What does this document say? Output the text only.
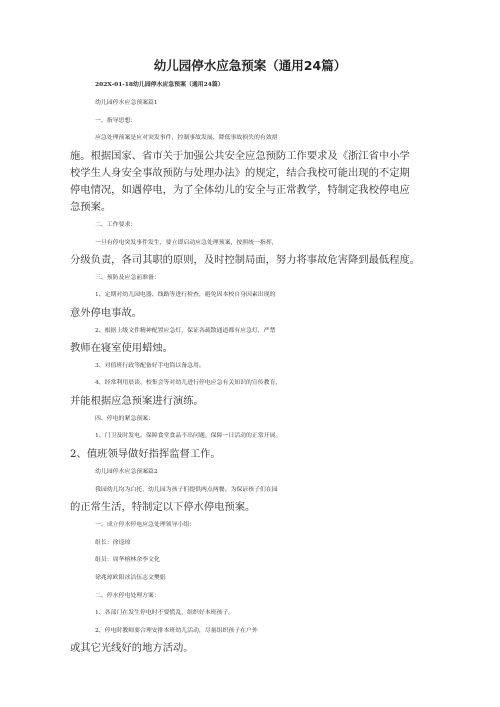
幼儿园停水应急预案（通用24篇）
202X-01-18幼儿园停水应急预案（通用24篇）
幼儿园停水应急预案篇1
一、指导思想：
应急处理预案是应对突发事件，控制事故发展，降低事故损失的有效措
施。根据国家、省市关于加强公共安全应急预防工作要求及《浙江省中小学
校学生人身安全事故预防与处理办法》的规定，结合我校可能出现的不定期
停电情况，如遇停电，为了全体幼儿的安全与正常教学，特制定我校停电应
急预案。
二、工作要求：
一旦有停电突发事件发生，要立即启动应急处理预案，按照统一指挥，
分级负责，各司其职的原则，及时控制局面，努力将事故危害降到最低程度。
三、预防及应急前准备：
1、定期对幼儿园电器、线路等进行检查，避免因本校自身因素出现的
意外停电事故。
2、根据上级文件精神配置应急灯，保证各疏散通道都有应急灯，严禁
教师在寝室使用蜡烛。
3、对值班行政等配备好手电筒以备急用。
4、经常利用晨谈、校集会等对幼儿进行停电应急有关知识的宣传教育，
并能根据应急预案进行演练。
四、停电的紧急预案：
1、门卫及时发电。保障食堂食品不出问题。保障一日活动的正常开展。
2、值班领导做好指挥监督工作。
幼儿园停水应急预案篇2
我园幼儿均为白托，幼儿园为孩子们提供两点两餐。为保证孩子们在园
的正常生活，特制定以下停水停电预案。
一、成立停水停电应急处理领导小组：
组长：徐逵琼
组员：周华榕林余李文化
徐兆琼欧阳冰洁伍志文樊娟
二、停水停电处理方案：
1、各部门在发生停电时不要慌乱，组织好本班孩子。
2、停电时教师要合理安排本班幼儿活动，尽量组织孩子在户外
或其它光线好的地方活动。
